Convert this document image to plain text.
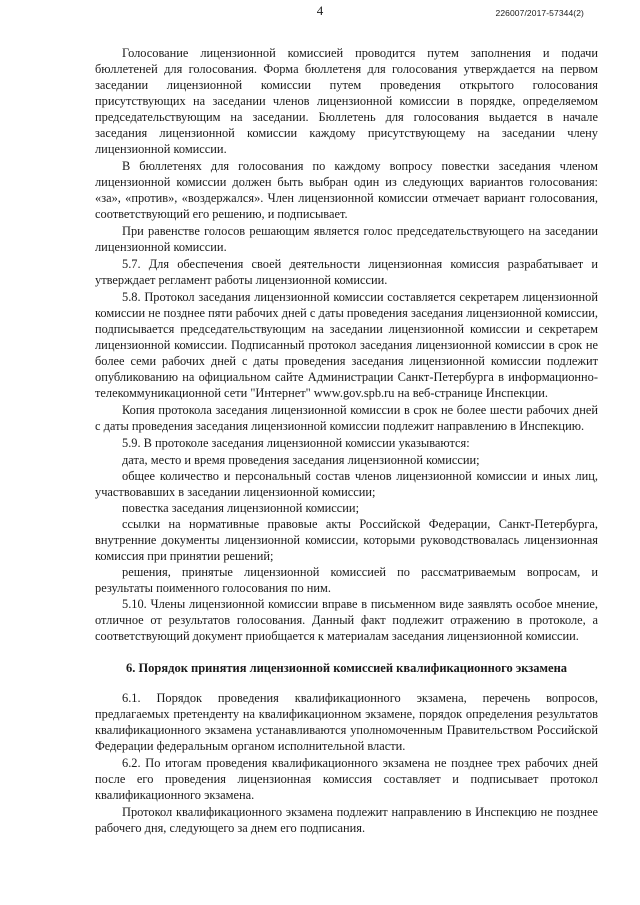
4	226007/2017-57344(2)

Голосование лицензионной комиссией проводится путем заполнения и подачи бюллетеней для голосования. Форма бюллетеня для голосования утверждается на первом заседании лицензионной комиссии путем проведения открытого голосования присутствующих на заседании членов лицензионной комиссии в порядке, определяемом председательствующим на заседании. Бюллетень для голосования выдается в начале заседания лицензионной комиссии каждому присутствующему на заседании члену лицензионной комиссии.

В бюллетенях для голосования по каждому вопросу повестки заседания членом лицензионной комиссии должен быть выбран один из следующих вариантов голосования: «за», «против», «воздержался». Член лицензионной комиссии отмечает вариант голосования, соответствующий его решению, и подписывает.

При равенстве голосов решающим является голос председательствующего на заседании лицензионной комиссии.

5.7. Для обеспечения своей деятельности лицензионная комиссия разрабатывает и утверждает регламент работы лицензионной комиссии.

5.8. Протокол заседания лицензионной комиссии составляется секретарем лицензионной комиссии не позднее пяти рабочих дней с даты проведения заседания лицензионной комиссии, подписывается председательствующим на заседании лицензионной комиссии и секретарем лицензионной комиссии. Подписанный протокол заседания лицензионной комиссии в срок не более семи рабочих дней с даты проведения заседания лицензионной комиссии подлежит опубликованию на официальном сайте Администрации Санкт-Петербурга в информационно-телекоммуникационной сети "Интернет" www.gov.spb.ru на веб-странице Инспекции.

Копия протокола заседания лицензионной комиссии в срок не более шести рабочих дней с даты проведения заседания лицензионной комиссии подлежит направлению в Инспекцию.

5.9. В протоколе заседания лицензионной комиссии указываются:

дата, место и время проведения заседания лицензионной комиссии;

общее количество и персональный состав членов лицензионной комиссии и иных лиц, участвовавших в заседании лицензионной комиссии;

повестка заседания лицензионной комиссии;

ссылки на нормативные правовые акты Российской Федерации, Санкт-Петербурга, внутренние документы лицензионной комиссии, которыми руководствовалась лицензионная комиссия при принятии решений;

решения, принятые лицензионной комиссией по рассматриваемым вопросам, и результаты поименного голосования по ним.

5.10. Члены лицензионной комиссии вправе в письменном виде заявлять особое мнение, отличное от результатов голосования. Данный факт подлежит отражению в протоколе, а соответствующий документ приобщается к материалам заседания лицензионной комиссии.

6. Порядок принятия лицензионной комиссией квалификационного экзамена

6.1. Порядок проведения квалификационного экзамена, перечень вопросов, предлагаемых претенденту на квалификационном экзамене, порядок определения результатов квалификационного экзамена устанавливаются уполномоченным Правительством Российской Федерации федеральным органом исполнительной власти.

6.2. По итогам проведения квалификационного экзамена не позднее трех рабочих дней после его проведения лицензионная комиссия составляет и подписывает протокол квалификационного экзамена.

Протокол квалификационного экзамена подлежит направлению в Инспекцию не позднее рабочего дня, следующего за днем его подписания.
